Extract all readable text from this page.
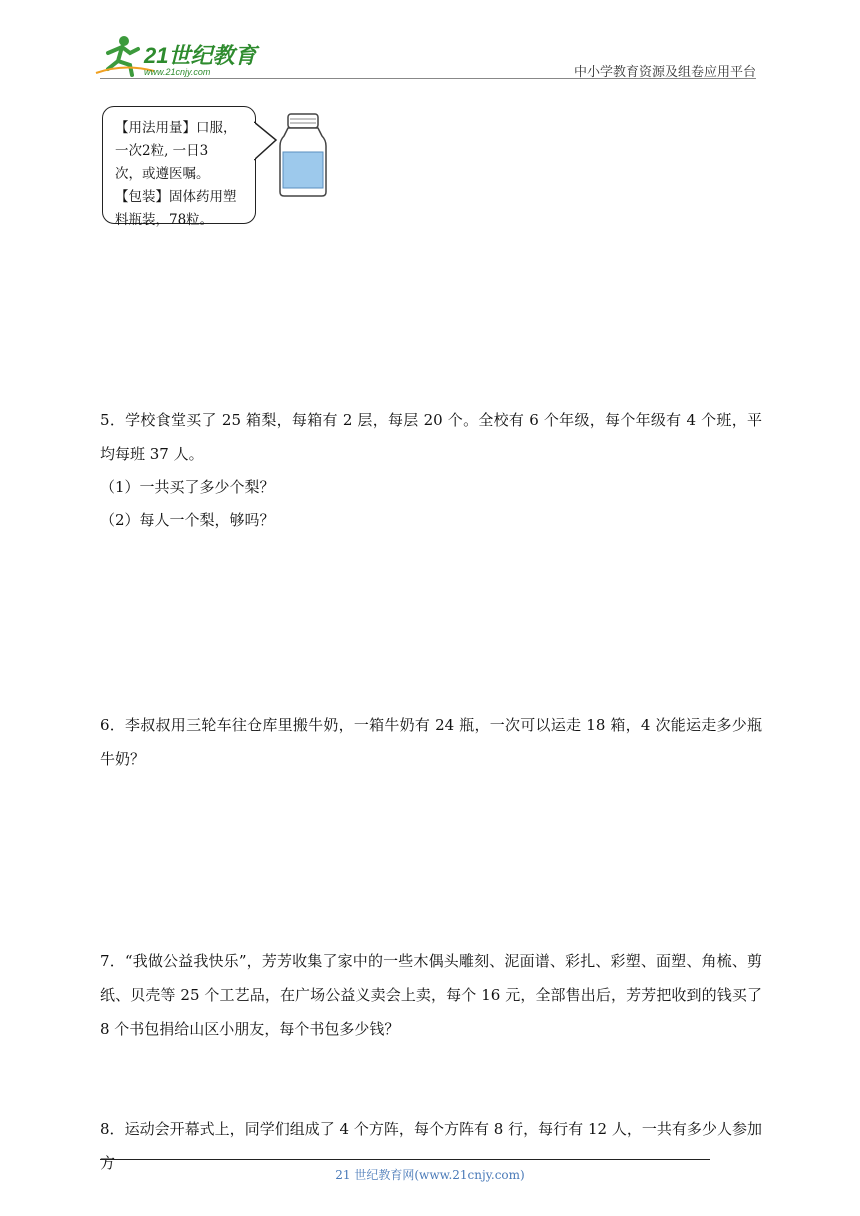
21世纪教育
www.21cnjy.com	中小学教育资源及组卷应用平台
【用法用量】口服，
一次2粒, 一日3
次，或遵医嘱。
【包装】固体药用塑
料瓶装，78粒。

5．学校食堂买了 25 箱梨，每箱有 2 层，每层 20 个。全校有 6 个年级，每个年级有 4 个班，平均每班 37 人。

（1）一共买了多少个梨？
（2）每人一个梨，够吗？

6．李叔叔用三轮车往仓库里搬牛奶，一箱牛奶有 24 瓶，一次可以运走 18 箱，4 次能运走多少瓶牛奶？

7．“我做公益我快乐”，芳芳收集了家中的一些木偶头雕刻、泥面谱、彩扎、彩塑、面塑、角梳、剪纸、贝壳等 25 个工艺品，在广场公益义卖会上卖，每个 16 元，全部售出后，芳芳把收到的钱买了 8 个书包捐给山区小朋友，每个书包多少钱？

8．运动会开幕式上，同学们组成了 4 个方阵，每个方阵有 8 行，每行有 12 人，一共有多少人参加方

21 世纪教育网(www.21cnjy.com)
